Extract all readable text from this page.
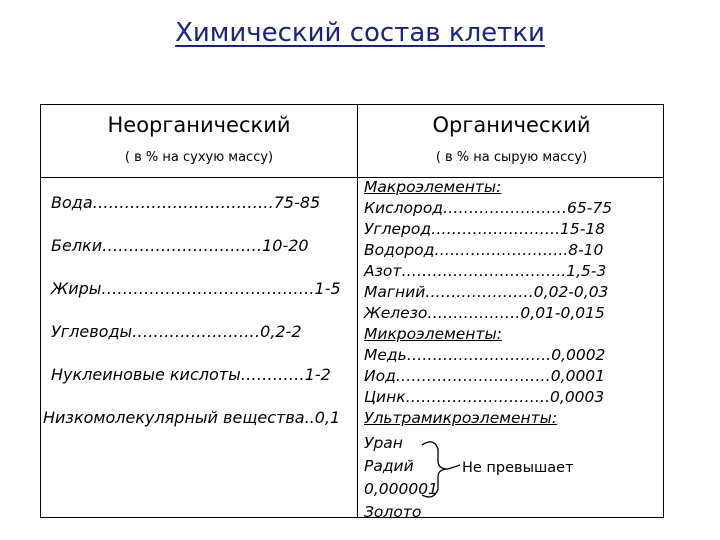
Химический состав клетки
Неорганический
( в % на сухую массу)
Органический
( в % на сырую массу)
Вода…………………………….75-85
Белки…………………………10-20
Жиры………………………………….1-5
Углеводы……………………0,2-2
Нуклеиновые кислоты…………1-2
Низкомолекулярный вещества..0,1
Макроэлементы:
Кислород……………………65-75
Углерод…………………….15-18
Водород……………………..8-10
Азот…………………………..1,5-3
Магний…………………0,02-0,03
Железо………………0,01-0,015
Микроэлементы:
Медь……………………….0,0002
Иод…………………………0,0001
Цинк……………………….0,0003
Ультрамикроэлементы:
Уран
Радий
0,000001
Золото
Не превышает
